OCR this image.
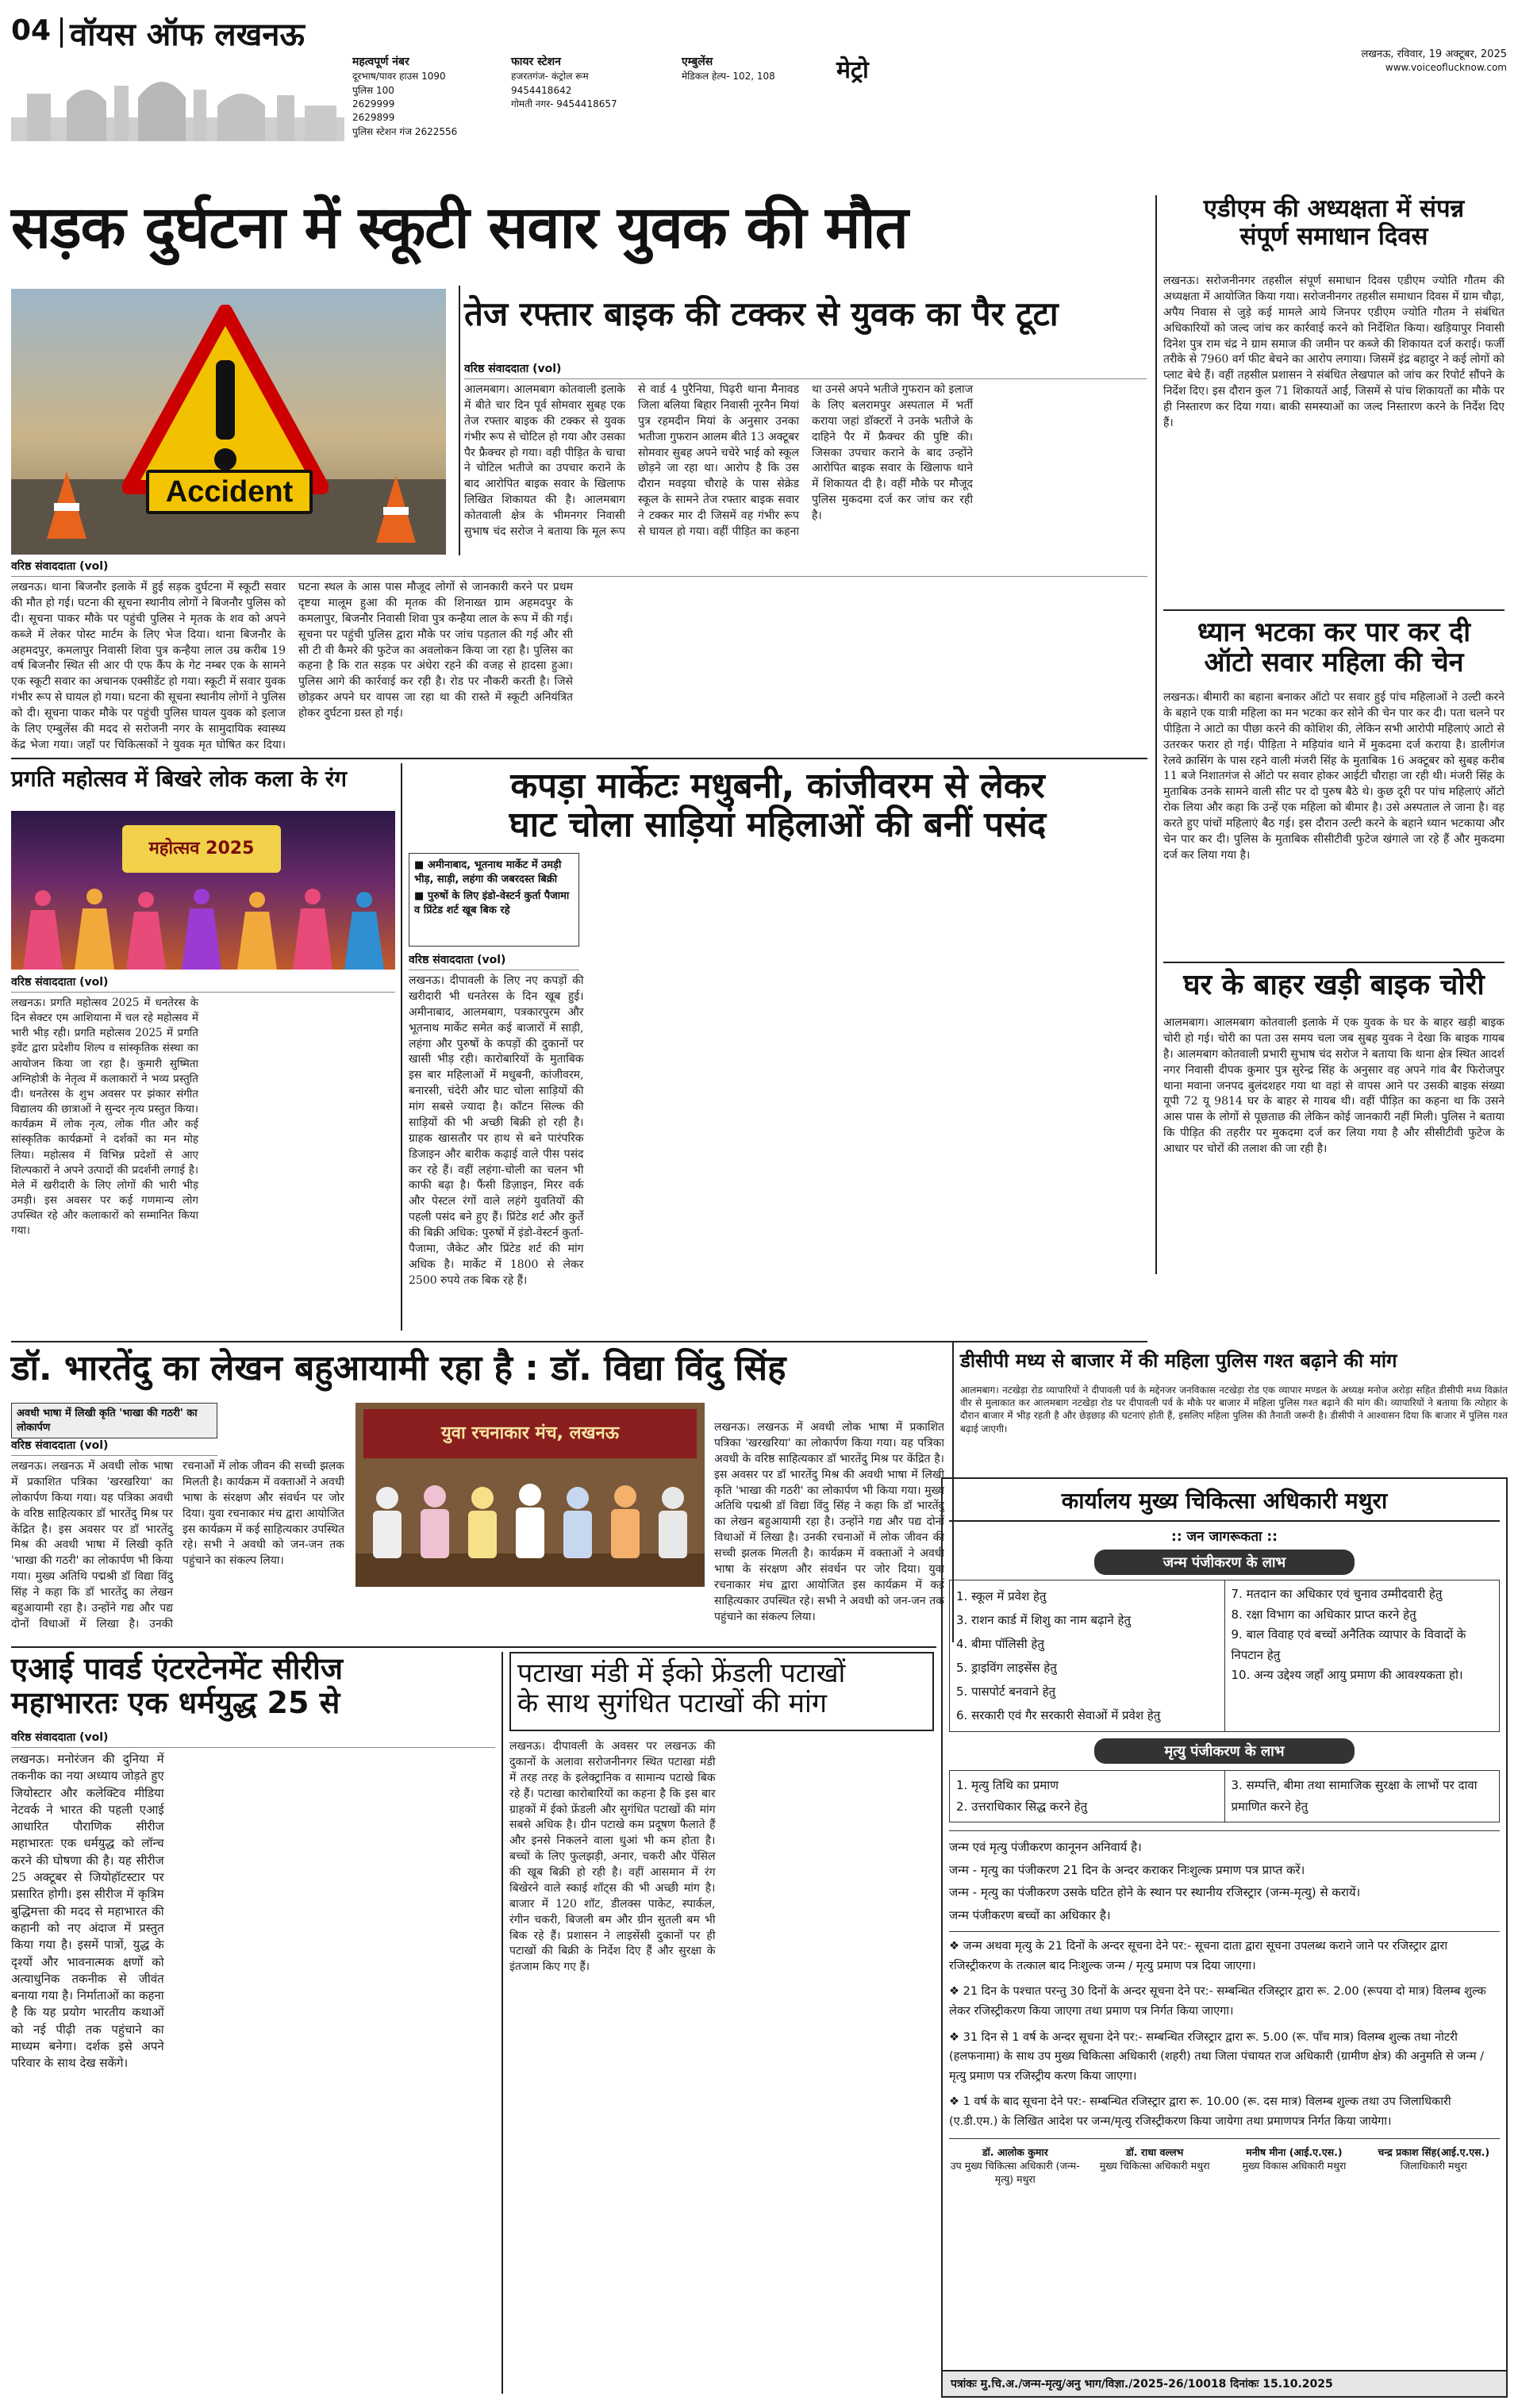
04 वॉयस ऑफ लखनऊ
महत्वपूर्ण नंबर
दूरभाष/पावर हाउस 1090
पुलिस 100
2629999
2629899
पुलिस स्टेशन गंज 2622556
फायर स्टेशन
हजरतगंज- कंट्रोल रूम
9454418642
गोमती नगर- 9454418657
एम्बुलेंस
मेडिकल हेल्प- 102, 108	मेट्रो
लखनऊ, रविवार, 19 अक्टूबर, 2025
www.voiceoflucknow.com
सड़क दुर्घटना में स्कूटी सवार युवक की मौत
Accident
तेज रफ्तार बाइक की टक्कर से युवक का पैर टूटा

वरिष्ठ संवाददाता (vol)

आलमबाग। आलमबाग कोतवाली इलाके में बीते चार दिन पूर्व सोमवार सुबह एक तेज रफ्तार बाइक की टक्कर से युवक गंभीर रूप से चोटिल हो गया और उसका पैर फ्रैक्चर हो गया। वही पीड़ित के चाचा ने चोटिल भतीजे का उपचार कराने के बाद आरोपित बाइक सवार के खिलाफ लिखित शिकायत की है। आलमबाग कोतवाली क्षेत्र के भीमनगर निवासी सुभाष चंद सरोज ने बताया कि मूल रूप से वार्ड 4 पुरैनिया, पिढ़री थाना मैनावड जिला बलिया बिहार निवासी नूरनैन मियां पुत्र रहमदीन मियां के अनुसार उनका भतीजा गुफरान आलम बीते 13 अक्टूबर सोमवार सुबह अपने चचेरे भाई को स्कूल छोड़ने जा रहा था। आरोप है कि उस दौरान मवइया चौराहे के पास सेक्रेड स्कूल के सामने तेज रफ्तार बाइक सवार ने टक्कर मार दी जिसमें वह गंभीर रूप से घायल हो गया। वहीं पीड़ित का कहना था उनसे अपने भतीजे गुफरान को इलाज के लिए बलरामपुर अस्पताल में भर्ती कराया जहां डॉक्टरों ने उनके भतीजे के दाहिने पैर में फ्रैक्चर की पुष्टि की। जिसका उपचार कराने के बाद उन्होंने आरोपित बाइक सवार के खिलाफ थाने में शिकायत दी है। वहीं मौके पर मौजूद पुलिस मुकदमा दर्ज कर जांच कर रही है।

वरिष्ठ संवाददाता (vol)

लखनऊ। थाना बिजनौर इलाके में हुई सड़क दुर्घटना में स्कूटी सवार की मौत हो गई। घटना की सूचना स्थानीय लोगों ने बिजनौर पुलिस को दी। सूचना पाकर मौके पर पहुंची पुलिस ने मृतक के शव को अपने कब्जे में लेकर पोस्ट मार्टम के लिए भेज दिया। थाना बिजनौर के अहमदपुर, कमलापुर निवासी शिवा पुत्र कन्हैया लाल उम्र करीब 19 वर्ष बिजनौर स्थित सी आर पी एफ कैंप के गेट नम्बर एक के सामने एक स्कूटी सवार का अचानक एक्सीडेंट हो गया। स्कूटी में सवार युवक गंभीर रूप से घायल हो गया। घटना की सूचना स्थानीय लोगों ने पुलिस को दी। सूचना पाकर मौके पर पहुंची पुलिस घायल युवक को इलाज के लिए एम्बुलेंस की मदद से सरोजनी नगर के सामुदायिक स्वास्थ्य केंद्र भेजा गया। जहाँ पर चिकित्सकों ने युवक मृत घोषित कर दिया। घटना स्थल के आस पास मौजूद लोगों से जानकारी करने पर प्रथम दृष्टया मालूम हुआ की मृतक की शिनाख्त ग्राम अहमदपुर के कमलापुर, बिजनौर निवासी शिवा पुत्र कन्हैया लाल के रूप में की गई। सूचना पर पहुंची पुलिस द्वारा मौके पर जांच पड़ताल की गई और सी सी टी वी कैमरे की फुटेज का अवलोकन किया जा रहा है। पुलिस का कहना है कि रात सड़क पर अंधेरा रहने की वजह से हादसा हुआ। पुलिस आगे की कार्रवाई कर रही है। रोड पर नौकरी करती है। जिसे छोड़कर अपने घर वापस जा रहा था की रास्ते में स्कूटी अनियंत्रित होकर दुर्घटना ग्रस्त हो गई।

एडीएम की अध्यक्षता में संपन्न
संपूर्ण समाधान दिवस

लखनऊ। सरोजनीनगर तहसील संपूर्ण समाधान दिवस एडीएम ज्योति गौतम की अध्यक्षता में आयोजित किया गया। सरोजनीनगर तहसील समाधान दिवस में ग्राम चौढ़ा, अपैय निवास से जुड़े कई मामले आये जिनपर एडीएम ज्योति गौतम ने संबंधित अधिकारियों को जल्द जांच कर कार्रवाई करने को निर्देशित किया। खड़ियापुर निवासी दिनेश पुत्र राम चंद्र ने ग्राम समाज की जमीन पर कब्जे की शिकायत दर्ज कराई। फर्जी तरीके से 7960 वर्ग फीट बेचने का आरोप लगाया। जिसमें इंद्र बहादुर ने कई लोगों को प्लाट बेचे हैं। वहीं तहसील प्रशासन ने संबंधित लेखपाल को जांच कर रिपोर्ट सौंपने के निर्देश दिए। इस दौरान कुल 71 शिकायतें आईं, जिसमें से पांच शिकायतों का मौके पर ही निस्तारण कर दिया गया। बाकी समस्याओं का जल्द निस्तारण करने के निर्देश दिए हैं।

ध्यान भटका कर पार कर दी
ऑटो सवार महिला की चेन

लखनऊ। बीमारी का बहाना बनाकर ऑटो पर सवार हुई पांच महिलाओं ने उल्टी करने के बहाने एक यात्री महिला का मन भटका कर सोने की चेन पार कर दी। पता चलने पर पीड़िता ने आटो का पीछा करने की कोशिश की, लेकिन सभी आरोपी महिलाएं आटो से उतरकर फरार हो गई। पीड़िता ने मड़ियांव थाने में मुकदमा दर्ज कराया है। डालीगंज रेलवे क्रासिंग के पास रहने वाली मंजरी सिंह के मुताबिक 16 अक्टूबर को सुबह करीब 11 बजे निशातगंज से ऑटो पर सवार होकर आईटी चौराहा जा रही थी। मंजरी सिंह के मुताबिक उनके सामने वाली सीट पर दो पुरुष बैठे थे। कुछ दूरी पर पांच महिलाएं ऑटो रोक लिया और कहा कि उन्हें एक महिला को बीमार है। उसे अस्पताल ले जाना है। वह करते हुए पांचों महिलाएं बैठ गई। इस दौरान उल्टी करने के बहाने ध्यान भटकाया और चेन पार कर दी। पुलिस के मुताबिक सीसीटीवी फुटेज खंगाले जा रहे हैं और मुकदमा दर्ज कर लिया गया है।

घर के बाहर खड़ी बाइक चोरी

आलमबाग। आलमबाग कोतवाली इलाके में एक युवक के घर के बाहर खड़ी बाइक चोरी हो गई। चोरी का पता उस समय चला जब सुबह युवक ने देखा कि बाइक गायब है। आलमबाग कोतवाली प्रभारी सुभाष चंद सरोज ने बताया कि थाना क्षेत्र स्थित आदर्श नगर निवासी दीपक कुमार पुत्र सुरेन्द्र सिंह के अनुसार वह अपने गांव बैर फिरोजपुर थाना मवाना जनपद बुलंदशहर गया था वहां से वापस आने पर उसकी बाइक संख्या यूपी 72 यू 9814 घर के बाहर से गायब थी। वहीं पीड़ित का कहना था कि उसने आस पास के लोगों से पूछताछ की लेकिन कोई जानकारी नहीं मिली। पुलिस ने बताया कि पीड़ित की तहरीर पर मुकदमा दर्ज कर लिया गया है और सीसीटीवी फुटेज के आधार पर चोरों की तलाश की जा रही है।

प्रगति महोत्सव में बिखरे लोक कला के रंग
महोत्सव 2025

वरिष्ठ संवाददाता (vol)

लखनऊ। प्रगति महोत्सव 2025 में धनतेरस के दिन सेक्टर एम आशियाना में चल रहे महोत्सव में भारी भीड़ रही। प्रगति महोत्सव 2025 में प्रगति इवेंट द्वारा प्रदेशीय शिल्प व सांस्कृतिक संस्था का आयोजन किया जा रहा है। कुमारी सुष्मिता अग्निहोत्री के नेतृत्व में कलाकारों ने भव्य प्रस्तुति दी। धनतेरस के शुभ अवसर पर झंकार संगीत विद्यालय की छात्राओं ने सुन्दर नृत्य प्रस्तुत किया। कार्यक्रम में लोक नृत्य, लोक गीत और कई सांस्कृतिक कार्यक्रमों ने दर्शकों का मन मोह लिया। महोत्सव में विभिन्न प्रदेशों से आए शिल्पकारों ने अपने उत्पादों की प्रदर्शनी लगाई है। मेले में खरीदारी के लिए लोगों की भारी भीड़ उमड़ी। इस अवसर पर कई गणमान्य लोग उपस्थित रहे और कलाकारों को सम्मानित किया गया।

कपड़ा मार्केटः मधुबनी, कांजीवरम से लेकर
घाट चोला साड़ियां महिलाओं की बनीं पसंद
■ अमीनाबाद, भूतनाथ मार्केट में उमड़ी भीड़, साड़ी, लहंगा की जबरदस्त बिक्री
■ पुरुषों के लिए इंडो-वेस्टर्न कुर्ता पैजामा व प्रिंटेड शर्ट खूब बिक रहे

वरिष्ठ संवाददाता (vol)

लखनऊ। दीपावली के लिए नए कपड़ों की खरीदारी भी धनतेरस के दिन खूब हुई। अमीनाबाद, आलमबाग, पत्रकारपुरम और भूतनाथ मार्केट समेत कई बाजारों में साड़ी, लहंगा और पुरुषों के कपड़ों की दुकानों पर खासी भीड़ रही। कारोबारियों के मुताबिक इस बार महिलाओं में मधुबनी, कांजीवरम, बनारसी, चंदेरी और घाट चोला साड़ियों की मांग सबसे ज्यादा है। कॉटन सिल्क की साड़ियों की भी अच्छी बिक्री हो रही है। ग्राहक खासतौर पर हाथ से बने पारंपरिक डिजाइन और बारीक कढ़ाई वाले पीस पसंद कर रहे हैं। वहीं लहंगा-चोली का चलन भी काफी बढ़ा है। फैंसी डिज़ाइन, मिरर वर्क और पेस्टल रंगों वाले लहंगे युवतियों की पहली पसंद बने हुए हैं। प्रिंटेड शर्ट और कुर्ते की बिक्री अधिक: पुरुषों में इंडो-वेस्टर्न कुर्ता-पैजामा, जैकेट और प्रिंटेड शर्ट की मांग अधिक है। मार्केट में 1800 से लेकर 2500 रुपये तक बिक रहे हैं।

डॉ. भारतेंदु का लेखन बहुआयामी रहा है : डॉ. विद्या विंदु सिंह
अवधी भाषा में लिखी कृति 'भाखा की गठरी' का लोकार्पण	युवा रचनाकार मंच, लखनऊ

वरिष्ठ संवाददाता (vol)

लखनऊ। लखनऊ में अवधी लोक भाषा में प्रकाशित पत्रिका 'खरखरिया' का लोकार्पण किया गया। यह पत्रिका अवधी के वरिष्ठ साहित्यकार डॉ भारतेंदु मिश्र पर केंद्रित है। इस अवसर पर डॉ भारतेंदु मिश्र की अवधी भाषा में लिखी कृति 'भाखा की गठरी' का लोकार्पण भी किया गया। मुख्य अतिथि पद्मश्री डॉ विद्या विंदु सिंह ने कहा कि डॉ भारतेंदु का लेखन बहुआयामी रहा है। उन्होंने गद्य और पद्य दोनों विधाओं में लिखा है। उनकी रचनाओं में लोक जीवन की सच्ची झलक मिलती है। कार्यक्रम में वक्ताओं ने अवधी भाषा के संरक्षण और संवर्धन पर जोर दिया। युवा रचनाकार मंच द्वारा आयोजित इस कार्यक्रम में कई साहित्यकार उपस्थित रहे। सभी ने अवधी को जन-जन तक पहुंचाने का संकल्प लिया।

लखनऊ। लखनऊ में अवधी लोक भाषा में प्रकाशित पत्रिका 'खरखरिया' का लोकार्पण किया गया। यह पत्रिका अवधी के वरिष्ठ साहित्यकार डॉ भारतेंदु मिश्र पर केंद्रित है। इस अवसर पर डॉ भारतेंदु मिश्र की अवधी भाषा में लिखी कृति 'भाखा की गठरी' का लोकार्पण भी किया गया। मुख्य अतिथि पद्मश्री डॉ विद्या विंदु सिंह ने कहा कि डॉ भारतेंदु का लेखन बहुआयामी रहा है। उन्होंने गद्य और पद्य दोनों विधाओं में लिखा है। उनकी रचनाओं में लोक जीवन की सच्ची झलक मिलती है। कार्यक्रम में वक्ताओं ने अवधी भाषा के संरक्षण और संवर्धन पर जोर दिया। युवा रचनाकार मंच द्वारा आयोजित इस कार्यक्रम में कई साहित्यकार उपस्थित रहे। सभी ने अवधी को जन-जन तक पहुंचाने का संकल्प लिया।

डीसीपी मध्य से बाजार में की महिला पुलिस गश्त बढ़ाने की मांग

आलमबाग। नटखेड़ा रोड व्यापारियों ने दीपावली पर्व के मद्देनजर जनविकास नटखेड़ा रोड एक व्यापार मण्डल के अध्यक्ष मनोज अरोड़ा सहित डीसीपी मध्य विक्रांत वीर से मुलाकात कर आलमबाग नटखेड़ा रोड पर दीपावली पर्व के मौके पर बाजार में महिला पुलिस गश्त बढ़ाने की मांग की। व्यापारियों ने बताया कि त्योहार के दौरान बाजार में भीड़ रहती है और छेड़छाड़ की घटनाएं होती हैं, इसलिए महिला पुलिस की तैनाती जरूरी है। डीसीपी ने आश्वासन दिया कि बाजार में पुलिस गश्त बढ़ाई जाएगी।

कार्यालय मुख्य चिकित्सा अधिकारी मथुरा
:: जन जागरूकता ::
जन्म पंजीकरण के लाभ
1. स्कूल में प्रवेश हेतु
3. राशन कार्ड में शिशु का नाम बढ़ाने हेतु
4. बीमा पॉलिसी हेतु
5. ड्राइविंग लाइसेंस हेतु
5. पासपोर्ट बनवाने हेतु
6. सरकारी एवं गैर सरकारी सेवाओं में प्रवेश हेतु

7. मतदान का अधिकार एवं चुनाव उम्मीदवारी हेतु
8. रक्षा विभाग का अधिकार प्राप्त करने हेतु
9. बाल विवाह एवं बच्चों अनैतिक व्यापार के विवादों के निपटान हेतु
10. अन्य उद्देश्य जहाँ आयु प्रमाण की आवश्यकता हो।
मृत्यु पंजीकरण के लाभ
1. मृत्यु तिथि का प्रमाण
2. उत्तराधिकार सिद्ध करने हेतु

3. सम्पत्ति, बीमा तथा सामाजिक सुरक्षा के लाभों पर दावा प्रमाणित करने हेतु
जन्म एवं मृत्यु पंजीकरण कानूनन अनिवार्य है।
जन्म - मृत्यु का पंजीकरण 21 दिन के अन्दर कराकर निःशुल्क प्रमाण पत्र प्राप्त करें।
जन्म - मृत्यु का पंजीकरण उसके घटित होने के स्थान पर स्थानीय रजिस्ट्रार (जन्म-मृत्यु) से करायें।
जन्म पंजीकरण बच्चों का अधिकार है।
❖ जन्म अथवा मृत्यु के 21 दिनों के अन्दर सूचना देने पर:- सूचना दाता द्वारा सूचना उपलब्ध कराने जाने पर रजिस्ट्रार द्वारा रजिस्ट्रीकरण के तत्काल बाद निःशुल्क जन्म / मृत्यु प्रमाण पत्र दिया जाएगा।
❖ 21 दिन के पश्चात परन्तु 30 दिनों के अन्दर सूचना देने पर:- सम्बन्धित रजिस्ट्रार द्वारा रू. 2.00 (रूपया दो मात्र) विलम्ब शुल्क लेकर रजिस्ट्रीकरण किया जाएगा तथा प्रमाण पत्र निर्गत किया जाएगा।
❖ 31 दिन से 1 वर्ष के अन्दर सूचना देने पर:- सम्बन्धित रजिस्ट्रार द्वारा रू. 5.00 (रू. पाँच मात्र) विलम्ब शुल्क तथा नोटरी (हलफनामा) के साथ उप मुख्य चिकित्सा अधिकारी (शहरी) तथा जिला पंचायत राज अधिकारी (ग्रामीण क्षेत्र) की अनुमति से जन्म / मृत्यु प्रमाण पत्र रजिस्ट्रीय करण किया जाएगा।
❖ 1 वर्ष के बाद सूचना देने पर:- सम्बन्धित रजिस्ट्रार द्वारा रू. 10.00 (रू. दस मात्र) विलम्ब शुल्क तथा उप जिलाधिकारी (ए.डी.एम.) के लिखित आदेश पर जन्म/मृत्यु रजिस्ट्रीकरण किया जायेगा तथा प्रमाणपत्र निर्गत किया जायेगा।
डॉ. आलोक कुमार
उप मुख्य चिकित्सा अधिकारी (जन्म-मृत्यु) मथुरा
डॉ. राधा वल्लभ
मुख्य चिकित्सा अधिकारी मथुरा
मनीष मीना (आई.ए.एस.)
मुख्य विकास अधिकारी मथुरा
चन्द्र प्रकाश सिंह(आई.ए.एस.)
जिलाधिकारी मथुरा
पत्रांकः मु.चि.अ./जन्म-मृत्यु/अनु भाग/विज्ञा./2025-26/10018 दिनांकः 15.10.2025
एआई पावर्ड एंटरटेनमेंट सीरीज
महाभारतः एक धर्मयुद्ध 25 से

वरिष्ठ संवाददाता (vol)

लखनऊ। मनोरंजन की दुनिया में तकनीक का नया अध्याय जोड़ते हुए जियोस्टार और कलेक्टिव मीडिया नेटवर्क ने भारत की पहली एआई आधारित पौराणिक सीरीज महाभारतः एक धर्मयुद्ध को लॉन्च करने की घोषणा की है। यह सीरीज 25 अक्टूबर से जियोहॉटस्टार पर प्रसारित होगी। इस सीरीज में कृत्रिम बुद्धिमत्ता की मदद से महाभारत की कहानी को नए अंदाज में प्रस्तुत किया गया है। इसमें पात्रों, युद्ध के दृश्यों और भावनात्मक क्षणों को अत्याधुनिक तकनीक से जीवंत बनाया गया है। निर्माताओं का कहना है कि यह प्रयोग भारतीय कथाओं को नई पीढ़ी तक पहुंचाने का माध्यम बनेगा। दर्शक इसे अपने परिवार के साथ देख सकेंगे।

पटाखा मंडी में ईको फ्रेंडली पटाखों
के साथ सुगंधित पटाखों की मांग

लखनऊ। दीपावली के अवसर पर लखनऊ की दुकानों के अलावा सरोजनीनगर स्थित पटाखा मंडी में तरह तरह के इलेक्ट्रानिक व सामान्य पटाखे बिक रहे हैं। पटाखा कारोबारियों का कहना है कि इस बार ग्राहकों में ईको फ्रेंडली और सुगंधित पटाखों की मांग सबसे अधिक है। ग्रीन पटाखे कम प्रदूषण फैलाते हैं और इनसे निकलने वाला धुआं भी कम होता है। बच्चों के लिए फुलझड़ी, अनार, चकरी और पेंसिल की खूब बिक्री हो रही है। वहीं आसमान में रंग बिखेरने वाले स्काई शॉट्स की भी अच्छी मांग है। बाजार में 120 शॉट, डीलक्स पाकेट, स्पार्कल, रंगीन चकरी, बिजली बम और ग्रीन सुतली बम भी बिक रहे हैं। प्रशासन ने लाइसेंसी दुकानों पर ही पटाखों की बिक्री के निर्देश दिए हैं और सुरक्षा के इंतजाम किए गए हैं।
